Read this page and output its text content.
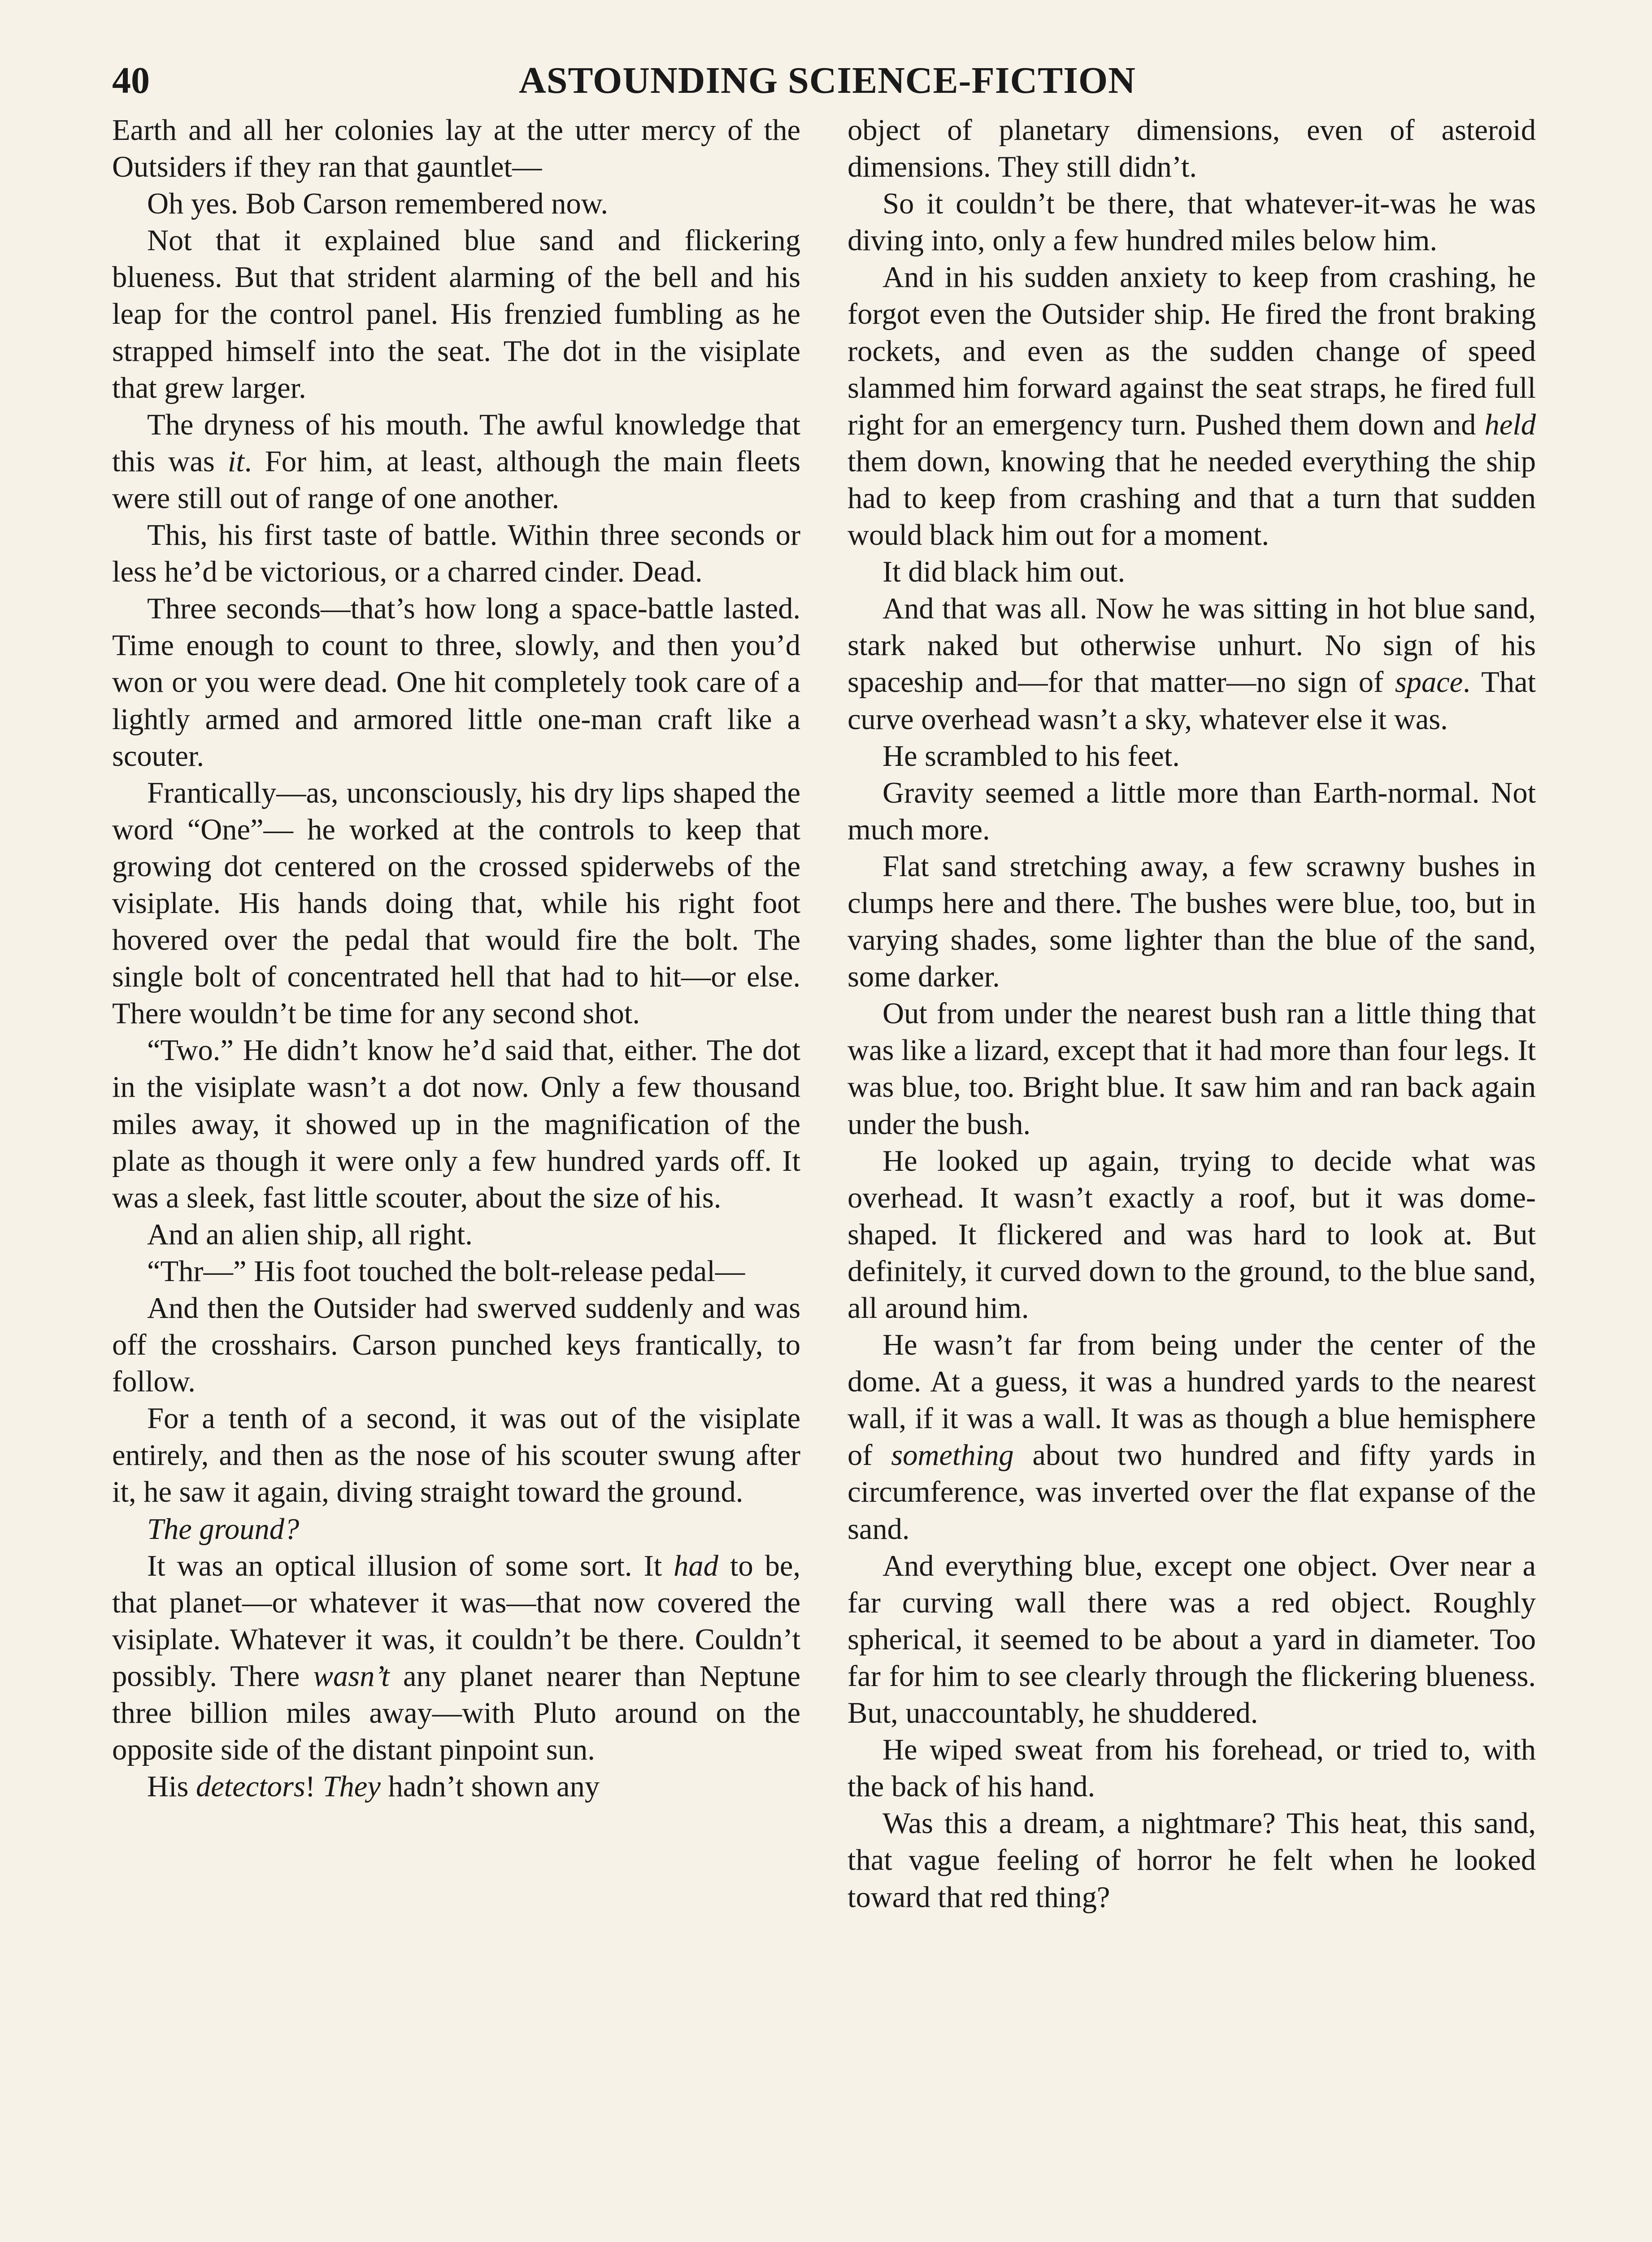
40	ASTOUNDING SCIENCE-FICTION

Earth and all her colonies lay at the utter mercy of the Outsiders if they ran that gauntlet—

Oh yes. Bob Carson remembered now.

Not that it explained blue sand and flickering blueness. But that strident alarming of the bell and his leap for the control panel. His frenzied fumbling as he strapped himself into the seat. The dot in the visiplate that grew larger.

The dryness of his mouth. The awful knowledge that this was it. For him, at least, although the main fleets were still out of range of one another.

This, his first taste of battle. Within three seconds or less he’d be victorious, or a charred cinder. Dead.

Three seconds—that’s how long a space-battle lasted. Time enough to count to three, slowly, and then you’d won or you were dead. One hit completely took care of a lightly armed and armored little one-man craft like a scouter.

Frantically—as, unconsciously, his dry lips shaped the word “One”— he worked at the controls to keep that growing dot centered on the crossed spiderwebs of the visiplate. His hands doing that, while his right foot hovered over the pedal that would fire the bolt. The single bolt of concentrated hell that had to hit—or else. There wouldn’t be time for any second shot.

“Two.” He didn’t know he’d said that, either. The dot in the visiplate wasn’t a dot now. Only a few thousand miles away, it showed up in the magnification of the plate as though it were only a few hundred yards off. It was a sleek, fast little scouter, about the size of his.

And an alien ship, all right.

“Thr—” His foot touched the bolt-release pedal—

And then the Outsider had swerved suddenly and was off the crosshairs. Carson punched keys frantically, to follow.

For a tenth of a second, it was out of the visiplate entirely, and then as the nose of his scouter swung after it, he saw it again, diving straight toward the ground.

The ground?

It was an optical illusion of some sort. It had to be, that planet—or whatever it was—that now covered the visiplate. Whatever it was, it couldn’t be there. Couldn’t possibly. There wasn’t any planet nearer than Neptune three billion miles away—with Pluto around on the opposite side of the distant pinpoint sun.

His detectors! They hadn’t shown any

object of planetary dimensions, even of asteroid dimensions. They still didn’t.

So it couldn’t be there, that whatever-it-was he was diving into, only a few hundred miles below him.

And in his sudden anxiety to keep from crashing, he forgot even the Outsider ship. He fired the front braking rockets, and even as the sudden change of speed slammed him forward against the seat straps, he fired full right for an emergency turn. Pushed them down and held them down, knowing that he needed everything the ship had to keep from crashing and that a turn that sudden would black him out for a moment.

It did black him out.

And that was all. Now he was sitting in hot blue sand, stark naked but otherwise unhurt. No sign of his spaceship and—for that matter—no sign of space. That curve overhead wasn’t a sky, whatever else it was.

He scrambled to his feet.

Gravity seemed a little more than Earth-normal. Not much more.

Flat sand stretching away, a few scrawny bushes in clumps here and there. The bushes were blue, too, but in varying shades, some lighter than the blue of the sand, some darker.

Out from under the nearest bush ran a little thing that was like a lizard, except that it had more than four legs. It was blue, too. Bright blue. It saw him and ran back again under the bush.

He looked up again, trying to decide what was overhead. It wasn’t exactly a roof, but it was dome-shaped. It flickered and was hard to look at. But definitely, it curved down to the ground, to the blue sand, all around him.

He wasn’t far from being under the center of the dome. At a guess, it was a hundred yards to the nearest wall, if it was a wall. It was as though a blue hemisphere of something about two hundred and fifty yards in circumference, was inverted over the flat expanse of the sand.

And everything blue, except one object. Over near a far curving wall there was a red object. Roughly spherical, it seemed to be about a yard in diameter. Too far for him to see clearly through the flickering blueness. But, unaccountably, he shuddered.

He wiped sweat from his forehead, or tried to, with the back of his hand.

Was this a dream, a nightmare? This heat, this sand, that vague feeling of horror he felt when he looked toward that red thing?
